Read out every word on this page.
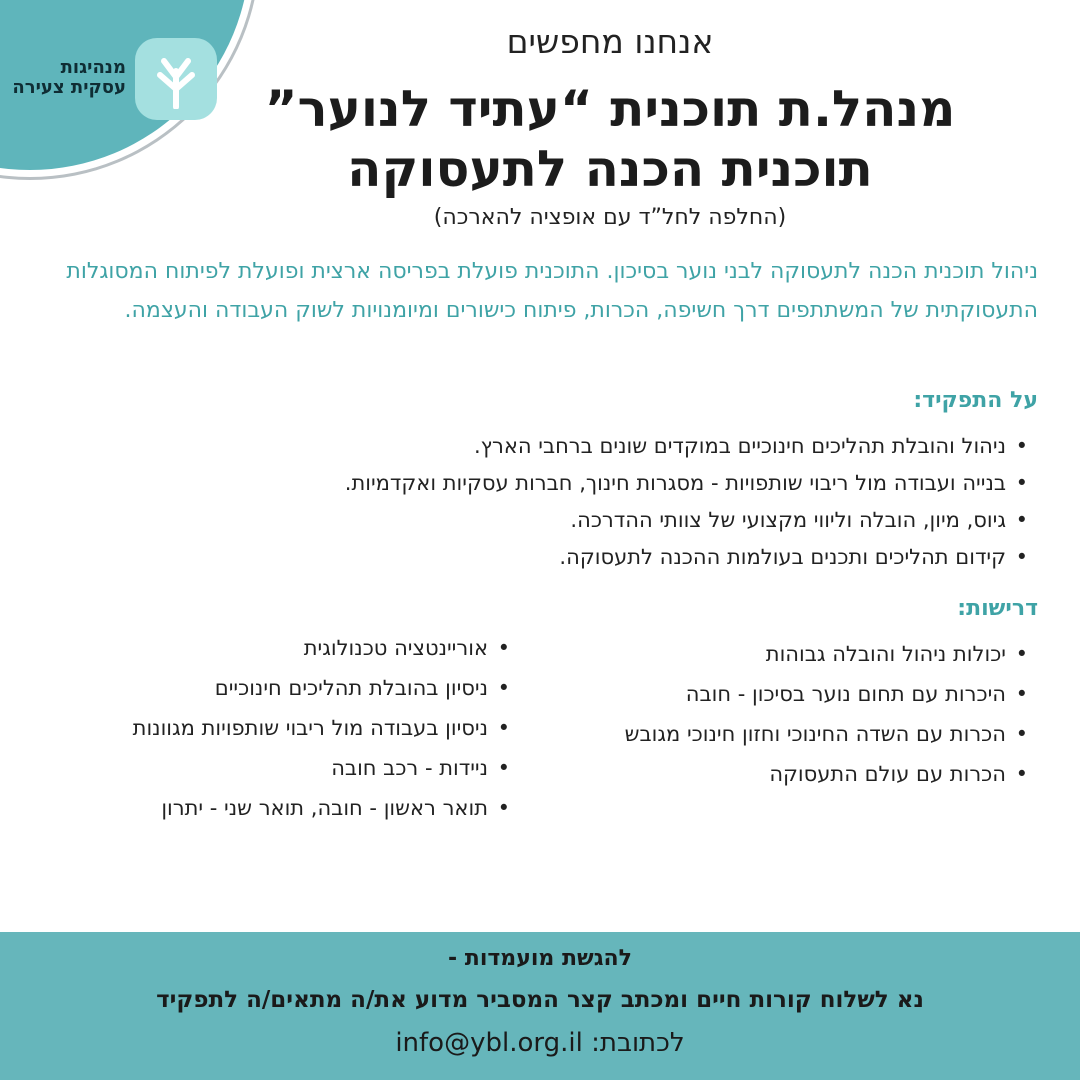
מנהיגות
עסקית צעירה
אנחנו מחפשים
מנהל.ת תוכנית “עתיד לנוער”
תוכנית הכנה לתעסוקה
(החלפה לחל”ד עם אופציה להארכה)
ניהול תוכנית הכנה לתעסוקה לבני נוער בסיכון. התוכנית פועלת בפריסה ארצית ופועלת לפיתוח המסוגלות התעסוקתית של המשתתפים דרך חשיפה, הכרות, פיתוח כישורים ומיומנויות לשוק העבודה והעצמה.
על התפקיד:
• ניהול והובלת תהליכים חינוכיים במוקדים שונים ברחבי הארץ.
• בנייה ועבודה מול ריבוי שותפויות - מסגרות חינוך, חברות עסקיות ואקדמיות.
• גיוס, מיון, הובלה וליווי מקצועי של צוותי ההדרכה.
• קידום תהליכים ותכנים בעולמות ההכנה לתעסוקה.
דרישות:
• יכולות ניהול והובלה גבוהות
• היכרות עם תחום נוער בסיכון - חובה
• הכרות עם השדה החינוכי וחזון חינוכי מגובש
• הכרות עם עולם התעסוקה
• אוריינטציה טכנולוגית
• ניסיון בהובלת תהליכים חינוכיים
• ניסיון בעבודה מול ריבוי שותפויות מגוונות
• ניידות - רכב חובה
• תואר ראשון - חובה, תואר שני - יתרון
להגשת מועמדות -
נא לשלוח קורות חיים ומכתב קצר המסביר מדוע את/ה מתאים/ה לתפקיד
לכתובת: info@ybl.org.il
